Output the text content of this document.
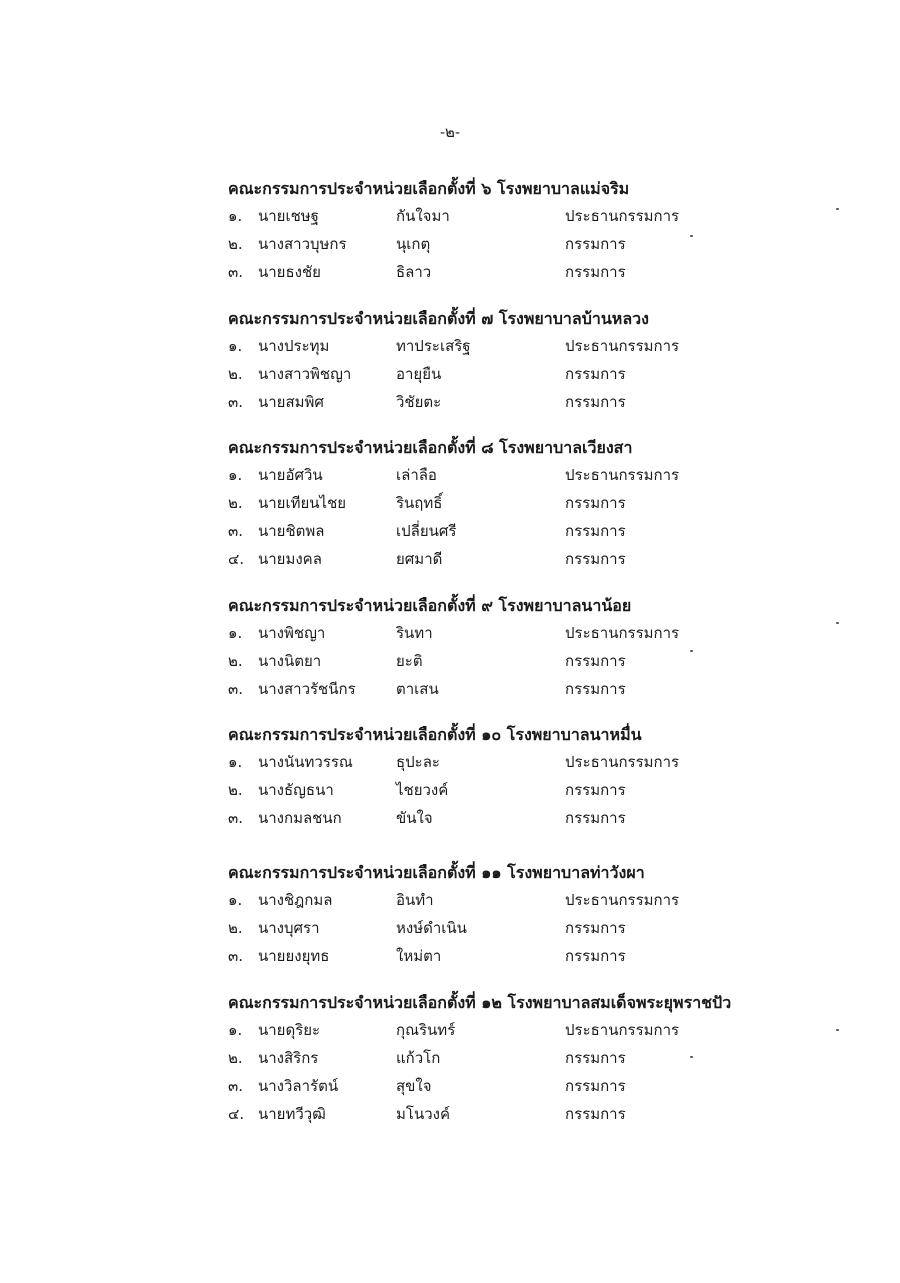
-๒-
คณะกรรมการประจำหน่วยเลือกตั้งที่ ๖ โรงพยาบาลแม่จริม
๑. นายเชษฐ	กันใจมา	ประธานกรรมการ
๒. นางสาวบุษกร	นุเกตุ	กรรมการ
๓. นายธงชัย	ธิลาว	กรรมการ
คณะกรรมการประจำหน่วยเลือกตั้งที่ ๗ โรงพยาบาลบ้านหลวง
๑. นางประทุม	ทาประเสริฐ	ประธานกรรมการ
๒. นางสาวพิชญา	อายุยืน	กรรมการ
๓. นายสมพิศ	วิชัยตะ	กรรมการ
คณะกรรมการประจำหน่วยเลือกตั้งที่ ๘ โรงพยาบาลเวียงสา
๑. นายอัศวิน	เล่าลือ	ประธานกรรมการ
๒. นายเทียนไชย	รินฤทธิ์	กรรมการ
๓. นายชิตพล	เปลี่ยนศรี	กรรมการ
๔. นายมงคล	ยศมาดี	กรรมการ
คณะกรรมการประจำหน่วยเลือกตั้งที่ ๙ โรงพยาบาลนาน้อย
๑. นางพิชญา	รินทา	ประธานกรรมการ
๒. นางนิตยา	ยะติ	กรรมการ
๓. นางสาวรัชนีกร	ตาเสน	กรรมการ
คณะกรรมการประจำหน่วยเลือกตั้งที่ ๑๐ โรงพยาบาลนาหมื่น
๑. นางนันทวรรณ	ธุปะละ	ประธานกรรมการ
๒. นางธัญธนา	ไชยวงค์	กรรมการ
๓. นางกมลชนก	ขันใจ	กรรมการ
คณะกรรมการประจำหน่วยเลือกตั้งที่ ๑๑ โรงพยาบาลท่าวังผา
๑. นางชิฎกมล	อินทำ	ประธานกรรมการ
๒. นางบุศรา	หงษ์ดำเนิน	กรรมการ
๓. นายยงยุทธ	ใหม่ตา	กรรมการ
คณะกรรมการประจำหน่วยเลือกตั้งที่ ๑๒ โรงพยาบาลสมเด็จพระยุพราชปัว
๑. นายดุริยะ	กุณรินทร์	ประธานกรรมการ
๒. นางสิริกร	แก้วโก	กรรมการ
๓. นางวิลารัตน์	สุขใจ	กรรมการ
๔. นายทวีวุฒิ	มโนวงค์	กรรมการ
